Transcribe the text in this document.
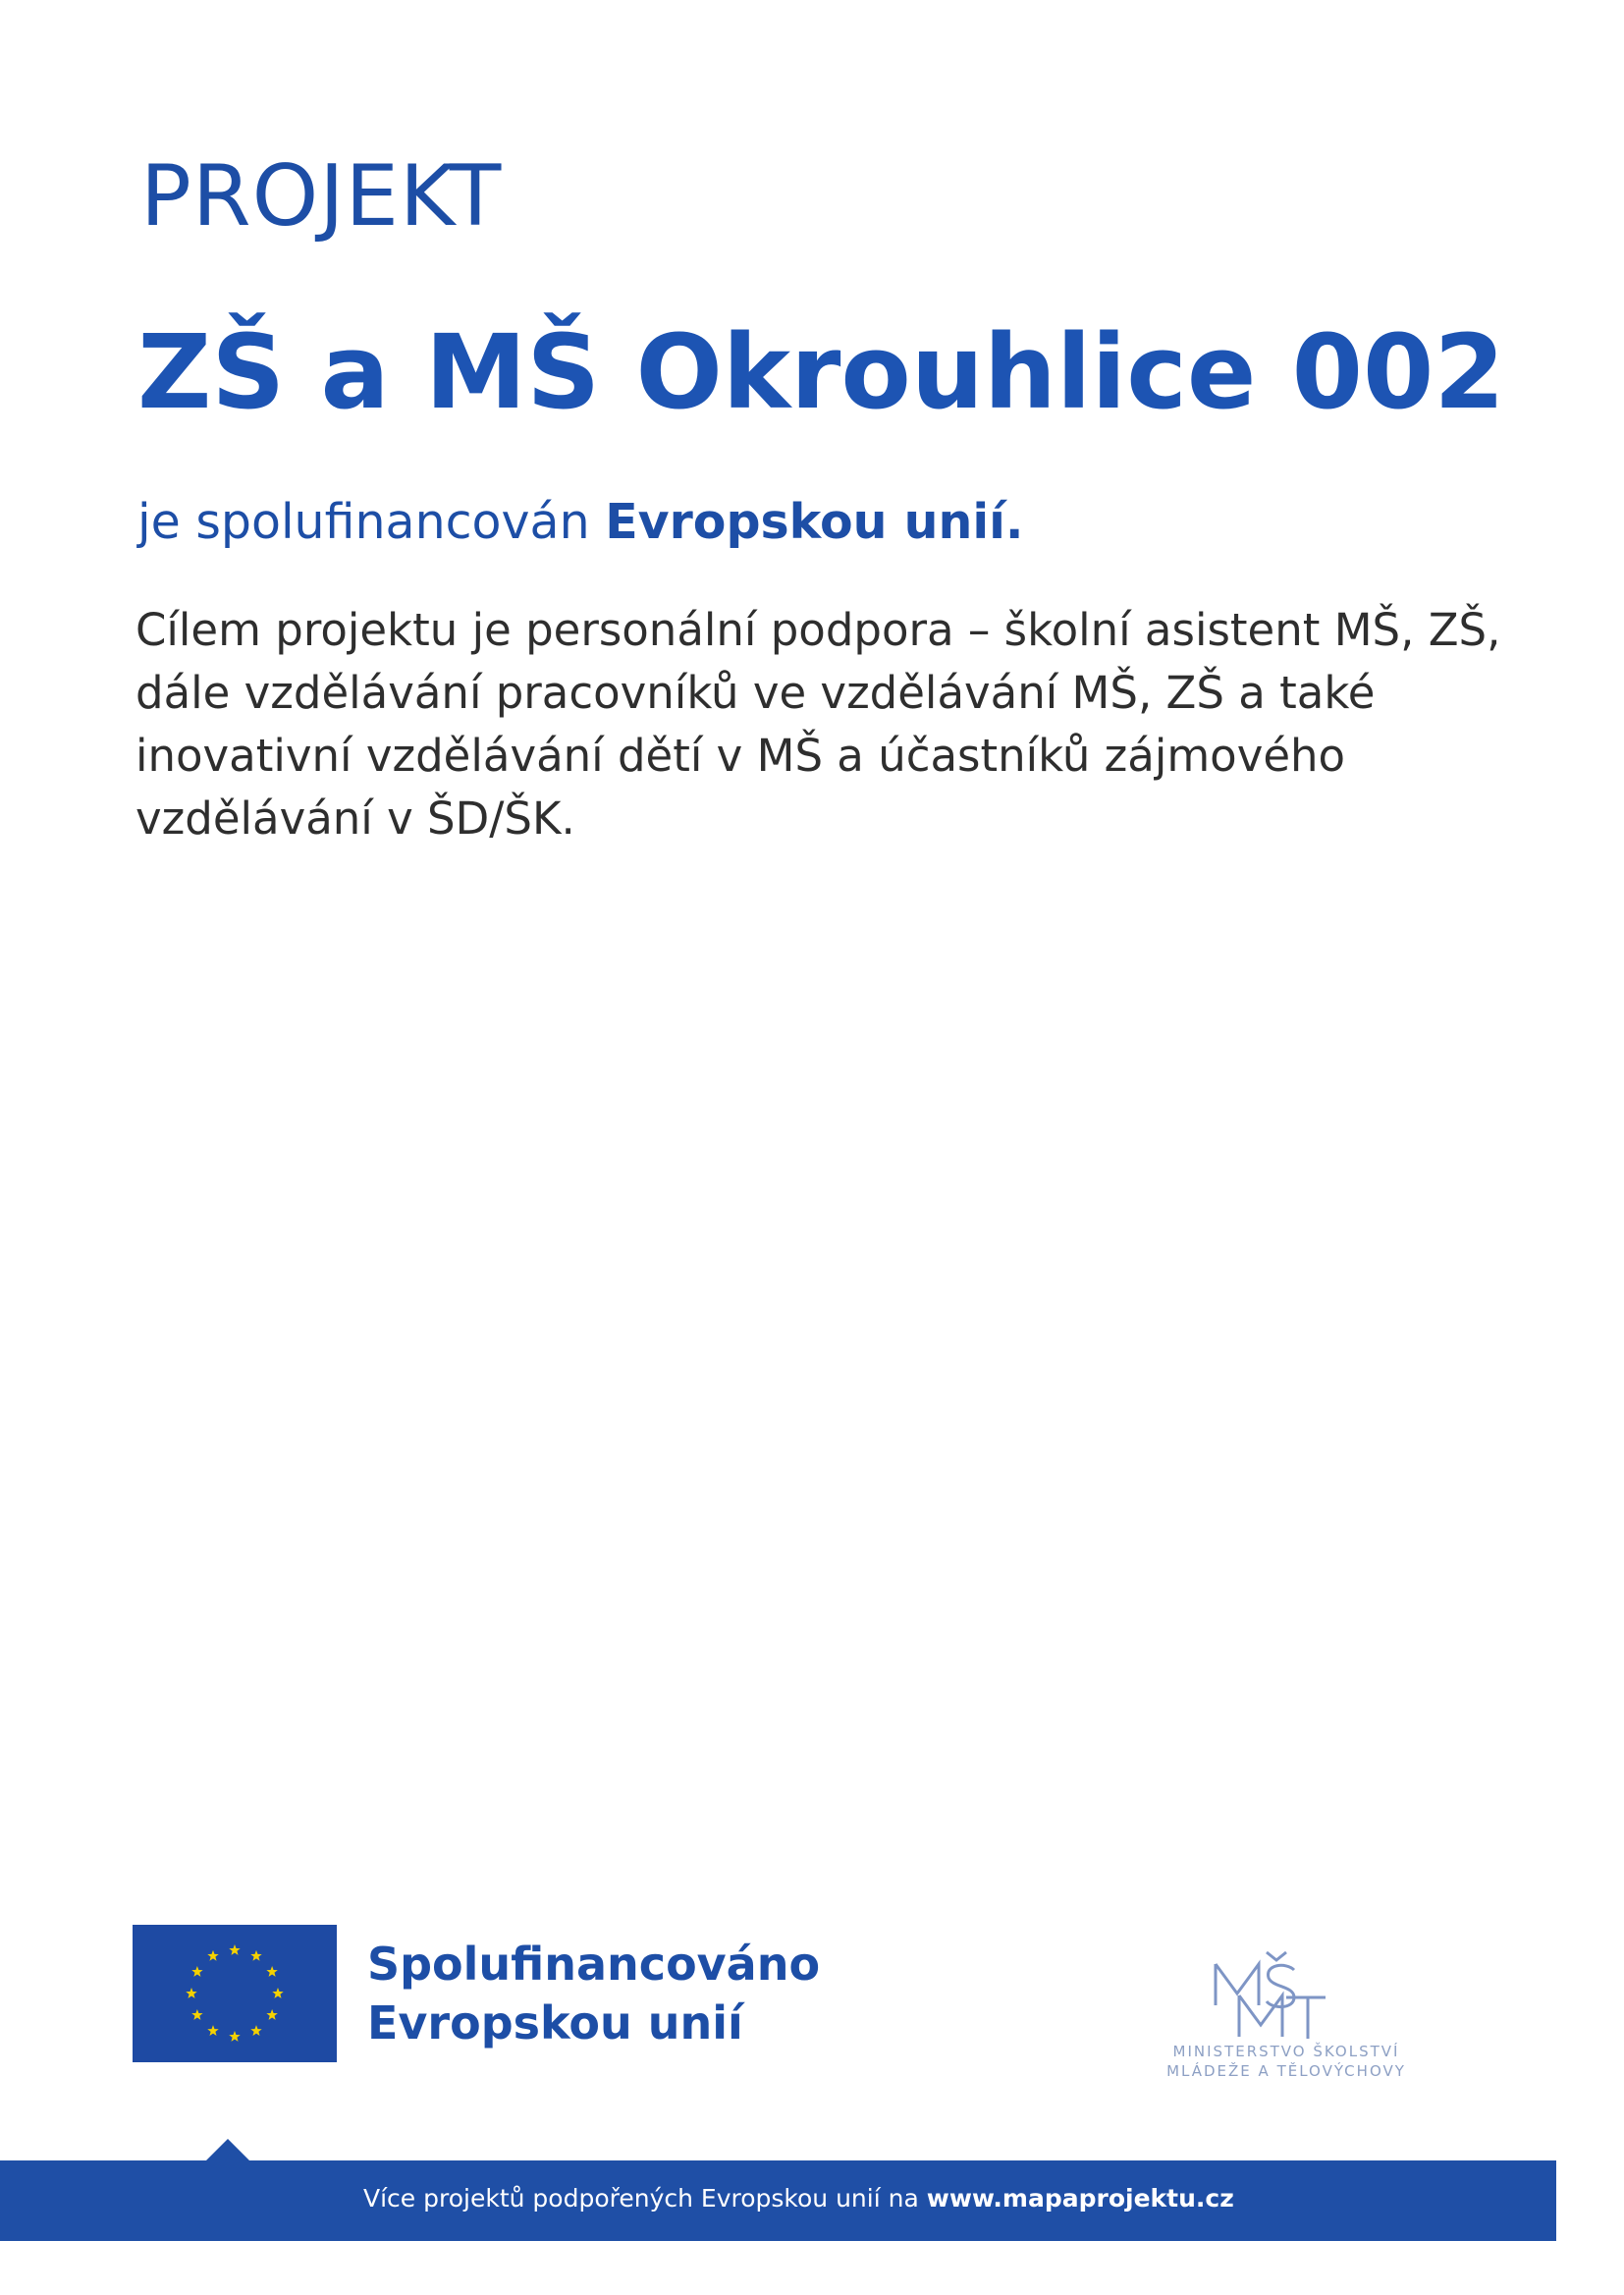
PROJEKT
ZŠ a MŠ Okrouhlice 002
je spolufinancován Evropskou unií.
Cílem projektu je personální podpora – školní asistent MŠ, ZŠ,
dále vzdělávání pracovníků ve vzdělávání MŠ, ZŠ a také
inovativní vzdělávání dětí v MŠ a účastníků zájmového
vzdělávání v ŠD/ŠK.
Spolufinancováno
Evropskou unií
MINISTERSTVO ŠKOLSTVÍ
MLÁDEŽE A TĚLOVÝCHOVY
Více projektů podpořených Evropskou unií na www.mapaprojektu.cz
